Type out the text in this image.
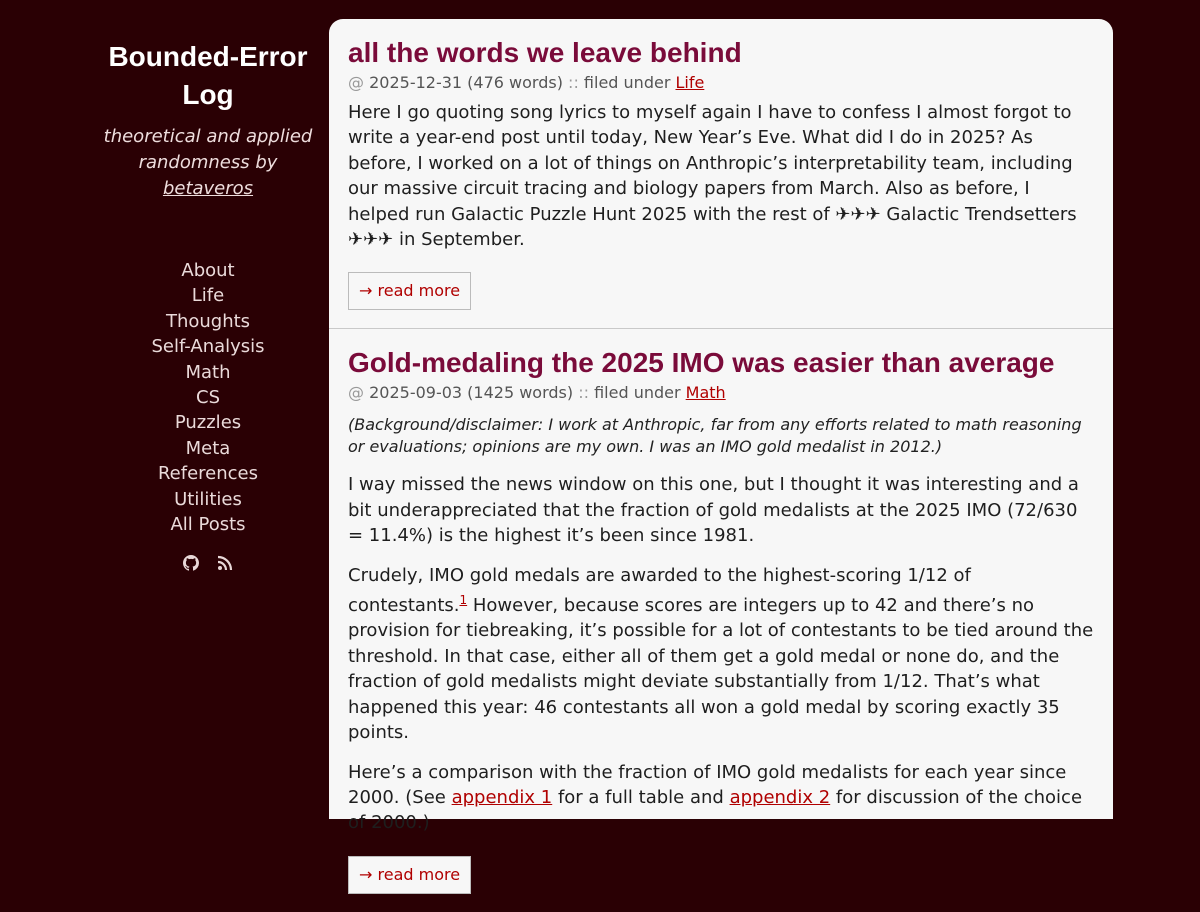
Bounded-Error Log
theoretical and applied randomness by
betaveros
About
Life
Thoughts
Self-Analysis
Math
CS
Puzzles
Meta
References
Utilities
All Posts
all the words we leave behind
@ 2025-12-31 (476 words) :: filed under Life

Here I go quoting song lyrics to myself again I have to confess I almost forgot to write a year-end post until today, New Year’s Eve. What did I do in 2025? As before, I worked on a lot of things on Anthropic’s interpretability team, including our massive circuit tracing and biology papers from March. Also as before, I helped run Galactic Puzzle Hunt 2025 with the rest of ✈✈✈ Galactic Trendsetters ✈✈✈ in September.

→ read more
Gold-medaling the 2025 IMO was easier than average
@ 2025-09-03 (1425 words) :: filed under Math

(Background/disclaimer: I work at Anthropic, far from any efforts related to math reasoning or evaluations; opinions are my own. I was an IMO gold medalist in 2012.)

I way missed the news window on this one, but I thought it was interesting and a bit underappreciated that the fraction of gold medalists at the 2025 IMO (72/630 = 11.4%) is the highest it’s been since 1981.

Crudely, IMO gold medals are awarded to the highest-scoring 1/12 of contestants.$^1$ However, because scores are integers up to 42 and there’s no provision for tiebreaking, it’s possible for a lot of contestants to be tied around the threshold. In that case, either all of them get a gold medal or none do, and the fraction of gold medalists might deviate substantially from 1/12. That’s what happened this year: 46 contestants all won a gold medal by scoring exactly 35 points.

Here’s a comparison with the fraction of IMO gold medalists for each year since 2000. (See appendix 1 for a full table and appendix 2 for discussion of the choice of 2000.)

→ read more
